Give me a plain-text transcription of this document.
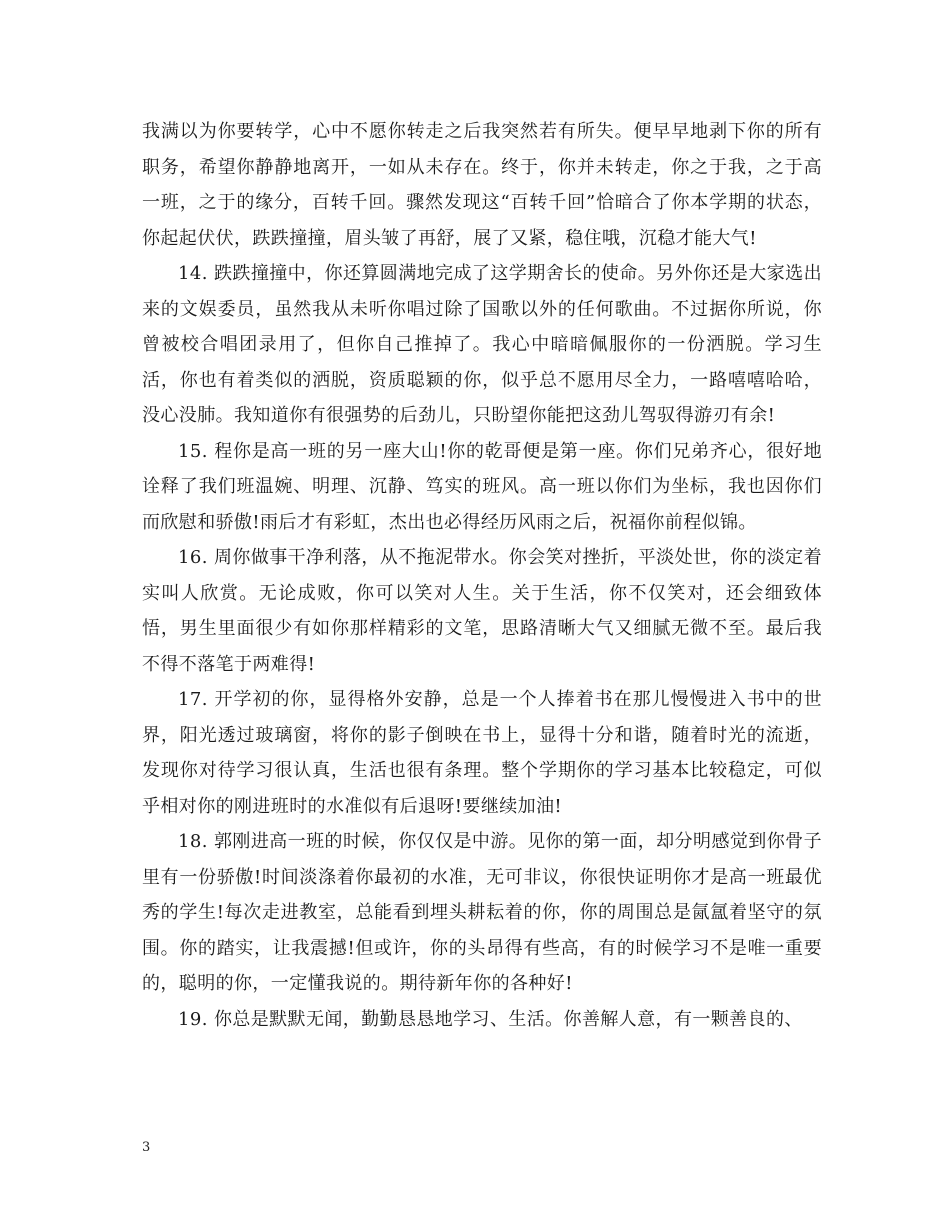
我满以为你要转学，心中不愿你转走之后我突然若有所失。便早早地剥下你的所有职务，希望你静静地离开，一如从未存在。终于，你并未转走，你之于我，之于高一班，之于的缘分，百转千回。骤然发现这“百转千回”恰暗合了你本学期的状态，你起起伏伏，跌跌撞撞，眉头皱了再舒，展了又紧，稳住哦，沉稳才能大气!

14. 跌跌撞撞中，你还算圆满地完成了这学期舍长的使命。另外你还是大家选出来的文娱委员，虽然我从未听你唱过除了国歌以外的任何歌曲。不过据你所说，你曾被校合唱团录用了，但你自己推掉了。我心中暗暗佩服你的一份洒脱。学习生活，你也有着类似的洒脱，资质聪颖的你，似乎总不愿用尽全力，一路嘻嘻哈哈，没心没肺。我知道你有很强势的后劲儿，只盼望你能把这劲儿驾驭得游刃有余!

15. 程你是高一班的另一座大山!你的乾哥便是第一座。你们兄弟齐心，很好地诠释了我们班温婉、明理、沉静、笃实的班风。高一班以你们为坐标，我也因你们而欣慰和骄傲!雨后才有彩虹，杰出也必得经历风雨之后，祝福你前程似锦。

16. 周你做事干净利落，从不拖泥带水。你会笑对挫折，平淡处世，你的淡定着实叫人欣赏。无论成败，你可以笑对人生。关于生活，你不仅笑对，还会细致体悟，男生里面很少有如你那样精彩的文笔，思路清晰大气又细腻无微不至。最后我不得不落笔于两难得!

17. 开学初的你，显得格外安静，总是一个人捧着书在那儿慢慢进入书中的世界，阳光透过玻璃窗，将你的影子倒映在书上，显得十分和谐，随着时光的流逝，发现你对待学习很认真，生活也很有条理。整个学期你的学习基本比较稳定，可似乎相对你的刚进班时的水准似有后退呀!要继续加油!

18. 郭刚进高一班的时候，你仅仅是中游。见你的第一面，却分明感觉到你骨子里有一份骄傲!时间淡涤着你最初的水准，无可非议，你很快证明你才是高一班最优秀的学生!每次走进教室，总能看到埋头耕耘着的你，你的周围总是氤氲着坚守的氛围。你的踏实，让我震撼!但或许，你的头昂得有些高，有的时候学习不是唯一重要的，聪明的你，一定懂我说的。期待新年你的各种好!

19. 你总是默默无闻，勤勤恳恳地学习、生活。你善解人意，有一颗善良的、

3
